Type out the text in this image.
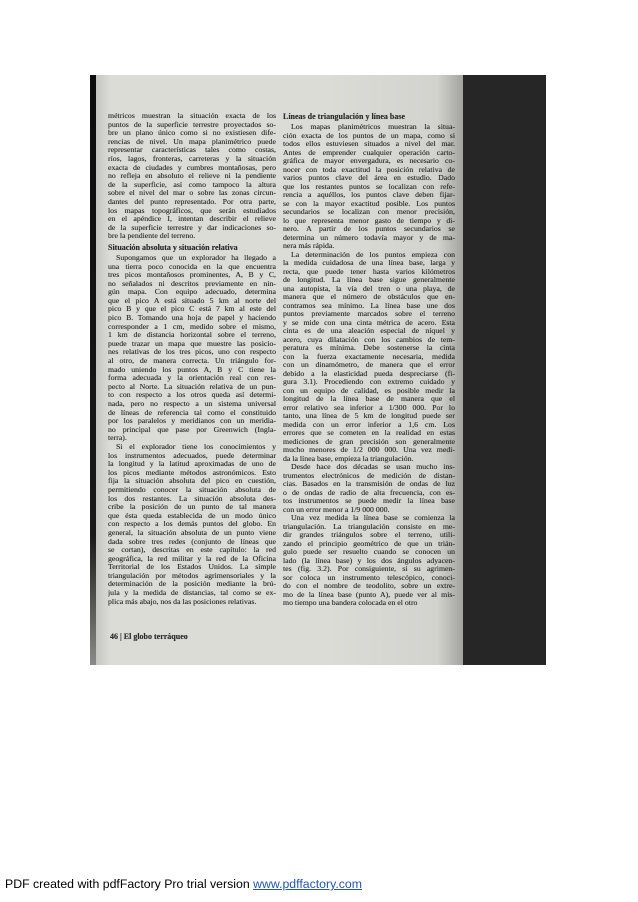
métricos muestran la situación exacta de los
puntos de la superficie terrestre proyectados so-
bre un plano único como si no existiesen dife-
rencias de nivel. Un mapa planimétrico puede
representar características tales como costas,
ríos, lagos, fronteras, carreteras y la situación
exacta de ciudades y cumbres montañosas, pero
no refleja en absoluto el relieve ni la pendiente
de la superficie, así como tampoco la altura
sobre el nivel del mar o sobre las zonas circun-
dantes del punto representado. Por otra parte,
los mapas topográficos, que serán estudiados
en el apéndice I, intentan describir el relieve
de la superficie terrestre y dar indicaciones so-
bre la pendiente del terreno.
Situación absoluta y situación relativa
Supongamos que un explorador ha llegado a
una tierra poco conocida en la que encuentra
tres picos montañosos prominentes, A, B y C,
no señalados ni descritos previamente en nin-
gún mapa. Con equipo adecuado, determina
que el pico A está situado 5 km al norte del
pico B y que el pico C está 7 km al este del
pico B. Tomando una hoja de papel y haciendo
corresponder a 1 cm, medido sobre el mismo,
1 km de distancia horizontal sobre el terreno,
puede trazar un mapa que muestre las posicio-
nes relativas de los tres picos, uno con respecto
al otro, de manera correcta. Un triángulo for-
mado uniendo los puntos A, B y C tiene la
forma adecuada y la orientación real con res-
pecto al Norte. La situación relativa de un pun-
to con respecto a los otros queda así determi-
nada, pero no respecto a un sistema universal
de líneas de referencia tal como el constituido
por los paralelos y meridianos con un meridia-
no principal que pase por Greenwich (Ingla-
terra).
Si el explorador tiene los conocimientos y
los instrumentos adecuados, puede determinar
la longitud y la latitud aproximadas de uno de
los picos mediante métodos astronómicos. Esto
fija la situación absoluta del pico en cuestión,
permitiendo conocer la situación absoluta de
los dos restantes. La situación absoluta des-
cribe la posición de un punto de tal manera
que ésta queda establecida de un modo único
con respecto a los demás puntos del globo. En
general, la situación absoluta de un punto viene
dada sobre tres redes (conjunto de líneas que
se cortan), descritas en este capítulo: la red
geográfica, la red militar y la red de la Oficina
Territorial de los Estados Unidos. La simple
triangulación por métodos agrimensoriales y la
determinación de la posición mediante la brú-
jula y la medida de distancias, tal como se ex-
plica más abajo, nos da las posiciones relativas.
Líneas de triangulación y línea base
Los mapas planimétricos muestran la situa-
ción exacta de los puntos de un mapa, como si
todos ellos estuviesen situados a nivel del mar.
Antes de emprender cualquier operación carto-
gráfica de mayor envergadura, es necesario co-
nocer con toda exactitud la posición relativa de
varios puntos clave del área en estudio. Dado
que los restantes puntos se localizan con refe-
rencia a aquéllos, los puntos clave deben fijar-
se con la mayor exactitud posible. Los puntos
secundarios se localizan con menor precisión,
lo que representa menor gasto de tiempo y di-
nero. A partir de los puntos secundarios se
determina un número todavía mayor y de ma-
nera más rápida.
La determinación de los puntos empieza con
la medida cuidadosa de una línea base, larga y
recta, que puede tener hasta varios kilómetros
de longitud. La línea base sigue generalmente
una autopista, la vía del tren o una playa, de
manera que el número de obstáculos que en-
contramos sea mínimo. La línea base une dos
puntos previamente marcados sobre el terreno
y se mide con una cinta métrica de acero. Esta
cinta es de una aleación especial de níquel y
acero, cuya dilatación con los cambios de tem-
peratura es mínima. Debe sostenerse la cinta
con la fuerza exactamente necesaria, medida
con un dinamómetro, de manera que el error
debido a la elasticidad pueda despreciarse (fi-
gura 3.1). Procediendo con extremo cuidado y
con un equipo de calidad, es posible medir la
longitud de la línea base de manera que el
error relativo sea inferior a 1/300 000. Por lo
tanto, una línea de 5 km de longitud puede ser
medida con un error inferior a 1,6 cm. Los
errores que se cometen en la realidad en estas
mediciones de gran precisión son generalmente
mucho menores de 1/2 000 000. Una vez medi-
da la línea base, empieza la triangulación.
Desde hace dos décadas se usan mucho ins-
trumentos electrónicos de medición de distan-
cias. Basados en la transmisión de ondas de luz
o de ondas de radio de alta frecuencia, con es-
tos instrumentos se puede medir la línea base
con un error menor a 1/9 000 000.
Una vez medida la línea base se comienza la
triangulación. La triangulación consiste en me-
dir grandes triángulos sobre el terreno, utili-
zando el principio geométrico de que un trián-
gulo puede ser resuelto cuando se conocen un
lado (la línea base) y los dos ángulos adyacen-
tes (fig. 3.2). Por consiguiente, si su agrimen-
sor coloca un instrumento telescópico, conoci-
do con el nombre de teodolito, sobre un extre-
mo de la línea base (punto A), puede ver al mis-
mo tiempo una bandera colocada en el otro
46 | El globo terráqueo
PDF created with pdfFactory Pro trial version www.pdffactory.com
